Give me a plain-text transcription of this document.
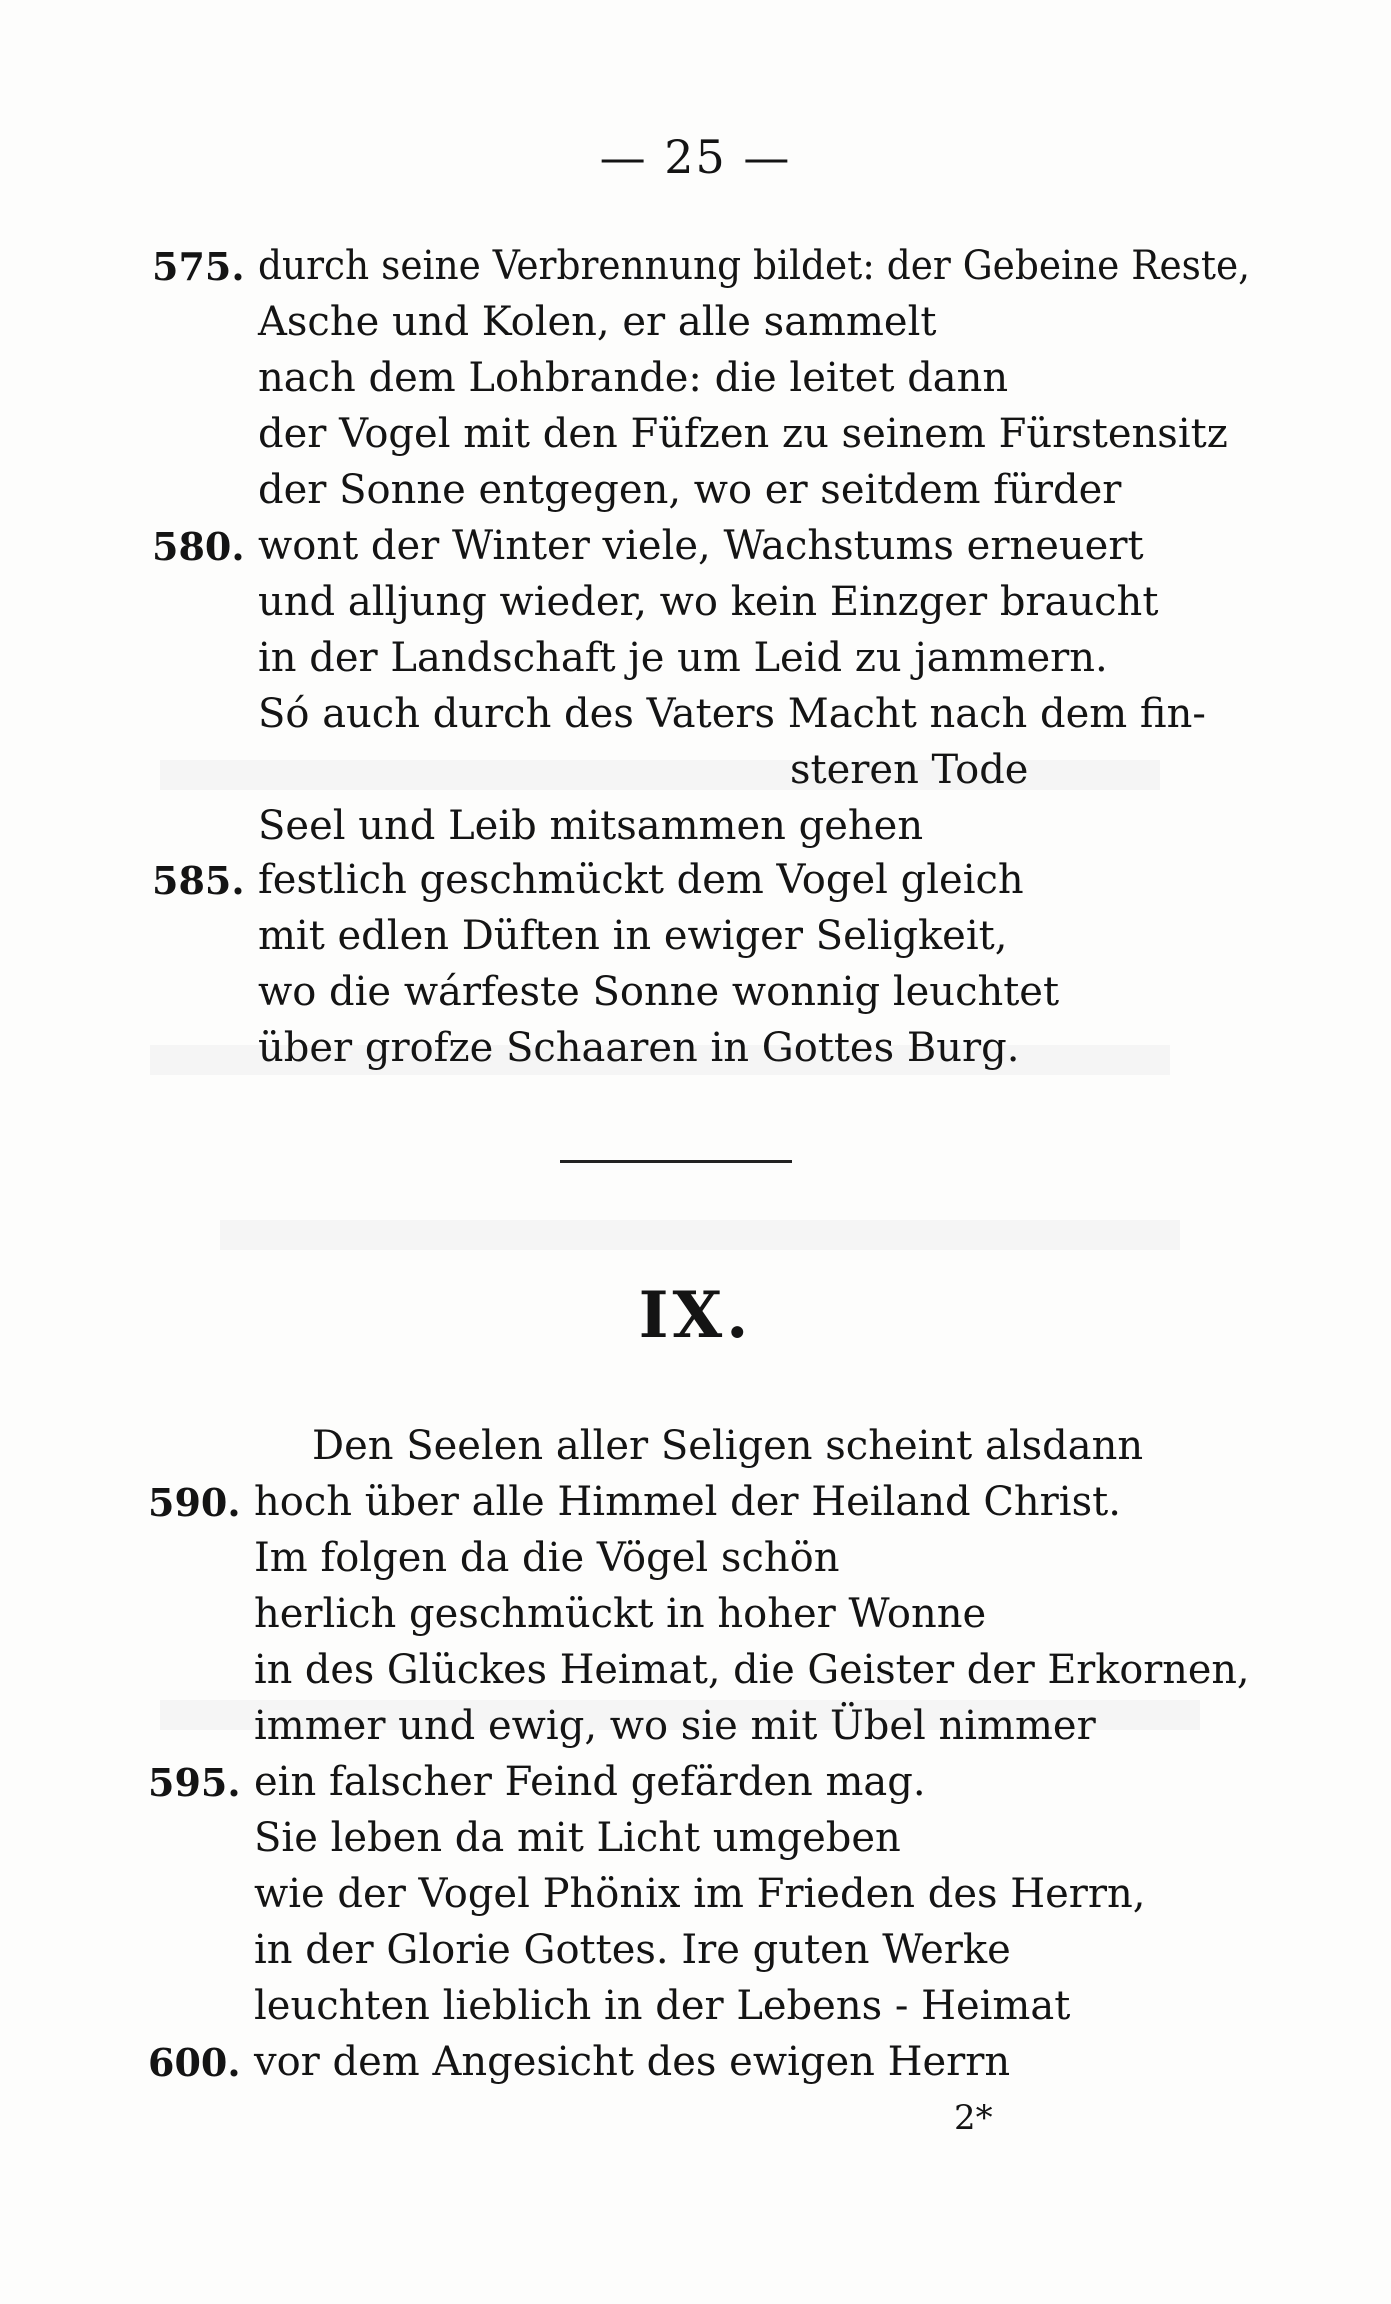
— 25 —
575. durch seine Verbrennung bildet: der Gebeine Reste,
Asche und Kolen, er alle sammelt
nach dem Lohbrande: die leitet dann
der Vogel mit den Füfzen zu seinem Fürstensitz
der Sonne entgegen, wo er seitdem fürder
580. wont der Winter viele, Wachstums erneuert
und alljung wieder, wo kein Einzger braucht
in der Landschaft je um Leid zu jammern.
Só auch durch des Vaters Macht nach dem fin-
steren Tode
Seel und Leib mitsammen gehen
585. festlich geschmückt dem Vogel gleich
mit edlen Düften in ewiger Seligkeit,
wo die wárfeste Sonne wonnig leuchtet
über grofze Schaaren in Gottes Burg.
IX.
Den Seelen aller Seligen scheint alsdann
590. hoch über alle Himmel der Heiland Christ.
Im folgen da die Vögel schön
herlich geschmückt in hoher Wonne
in des Glückes Heimat, die Geister der Erkornen,
immer und ewig, wo sie mit Übel nimmer
595. ein falscher Feind gefärden mag.
Sie leben da mit Licht umgeben
wie der Vogel Phönix im Frieden des Herrn,
in der Glorie Gottes. Ire guten Werke
leuchten lieblich in der Lebens - Heimat
600. vor dem Angesicht des ewigen Herrn
2*
